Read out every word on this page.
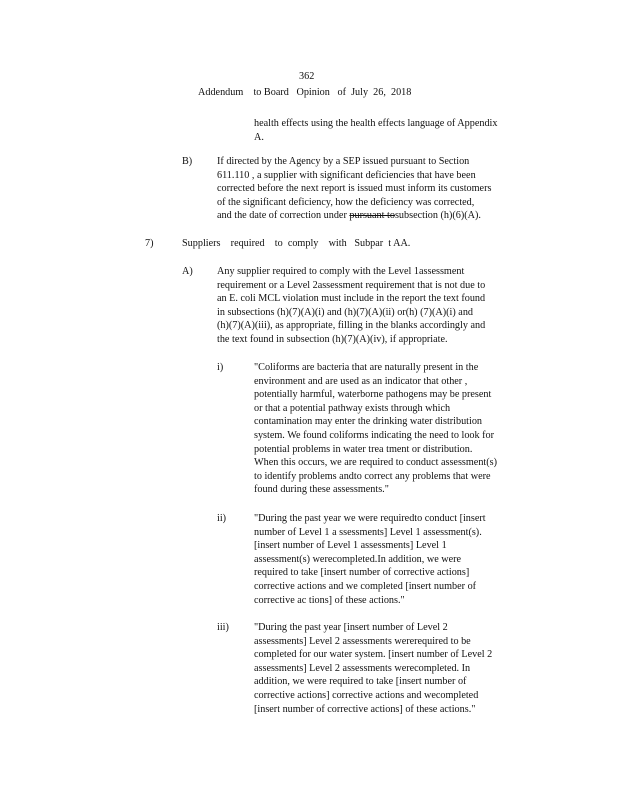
362
Addendum    to Board   Opinion   of  July  26,  2018
health effects using the health effects language of Appendix
A.
B) If directed by the Agency by a SEP issued pursuant to Section
611.110 , a supplier with significant deficiencies that have been
corrected before the next report is issued must inform its customers
of the significant deficiency, how the deficiency was corrected,
and the date of correction under pursuant tosubsection (h)(6)(A).
7)	Suppliers    required    to  comply    with   Subpar  t AA.
A) Any supplier required to comply with the Level 1assessment
requirement or a Level 2assessment requirement that is not due to
an E. coli MCL violation must include in the report the text found
in subsections (h)(7)(A)(i) and (h)(7)(A)(ii) or(h) (7)(A)(i) and
(h)(7)(A)(iii), as appropriate, filling in the blanks accordingly and
the text found in subsection (h)(7)(A)(iv), if appropriate.
i)	"Coliforms are bacteria that are naturally present in the
environment and are used as an indicator that other ,
potentially harmful, waterborne pathogens may be present
or that a potential pathway exists through which
contamination may enter the drinking water distribution
system. We found coliforms indicating the need to look for
potential problems in water trea tment or distribution.
When this occurs, we are required to conduct assessment(s)
to identify problems andto correct any problems that were
found during these assessments."
ii)	"During the past year we were requiredto conduct [insert
number of Level 1 a ssessments] Level 1 assessment(s).
[insert number of Level 1 assessments] Level 1
assessment(s) werecompleted.In addition, we were
required to take [insert number of corrective actions]
corrective actions and we completed [insert number of
corrective ac tions] of these actions."
iii) "During the past year [insert number of Level 2
assessments] Level 2 assessments wererequired to be
completed for our water system. [insert number of Level 2
assessments] Level 2 assessments werecompleted. In
addition, we were required to take [insert number of
corrective actions] corrective actions and wecompleted
[insert number of corrective actions] of these actions."
